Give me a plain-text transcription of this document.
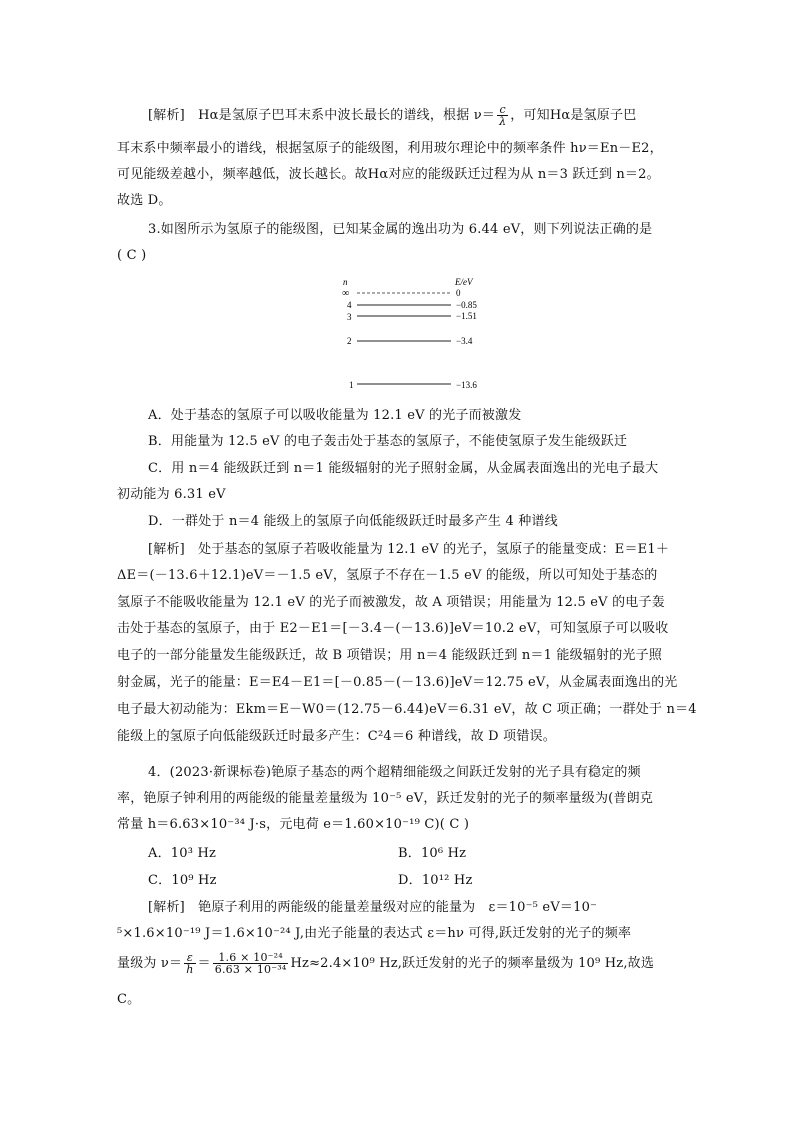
[解析]　Hα是氢原子巴耳末系中波长最长的谱线，根据 $\nu= \frac{c}{\lambda}$ ，可知Hα是氢原子巴
耳末系中频率最小的谱线，根据氢原子的能级图，利用玻尔理论中的频率条件 hν＝En－E2，
可见能级差越小，频率越低，波长越长。故Hα对应的能级跃迁过程为从 n＝3 跃迁到 n＝2。
故选 D。
3.如图所示为氢原子的能级图，已知某金属的逸出功为 6.44 eV，则下列说法正确的是
( C )
n	E/eV
∞	0
4	−0.85
3	−1.51
2	−3.4
1	−13.6
A．处于基态的氢原子可以吸收能量为 12.1 eV 的光子而被激发
B．用能量为 12.5 eV 的电子轰击处于基态的氢原子，不能使氢原子发生能级跃迁
C．用 n＝4 能级跃迁到 n＝1 能级辐射的光子照射金属，从金属表面逸出的光电子最大
初动能为 6.31 eV
D．一群处于 n＝4 能级上的氢原子向低能级跃迁时最多产生 4 种谱线
[解析]　处于基态的氢原子若吸收能量为 12.1 eV 的光子，氢原子的能量变成：E＝E1＋
ΔE＝(－13.6＋12.1)eV＝－1.5 eV，氢原子不存在－1.5 eV 的能级，所以可知处于基态的
氢原子不能吸收能量为 12.1 eV 的光子而被激发，故 A 项错误；用能量为 12.5 eV 的电子轰
击处于基态的氢原子，由于 E2－E1＝[－3.4－(－13.6)]eV＝10.2 eV，可知氢原子可以吸收
电子的一部分能量发生能级跃迁，故 B 项错误；用 n＝4 能级跃迁到 n＝1 能级辐射的光子照
射金属，光子的能量：E＝E4－E1＝[－0.85－(－13.6)]eV＝12.75 eV，从金属表面逸出的光
电子最大初动能为：Ekm＝E－W0＝(12.75－6.44)eV＝6.31 eV，故 C 项正确；一群处于 n＝4
能级上的氢原子向低能级跃迁时最多产生：C²4＝6 种谱线，故 D 项错误。
4．(2023·新课标卷)铯原子基态的两个超精细能级之间跃迁发射的光子具有稳定的频
率，铯原子钟利用的两能级的能量差量级为 10⁻⁵ eV，跃迁发射的光子的频率量级为(普朗克
常量 h＝6.63×10⁻³⁴ J·s，元电荷 e＝1.60×10⁻¹⁹ C)( C )
A．10³ Hz	B．10⁶ Hz
C．10⁹ Hz	D．10¹² Hz
[解析]　铯原子利用的两能级的能量差量级对应的能量为　ε＝10⁻⁵ eV＝10⁻
⁵×1.6×10⁻¹⁹ J＝1.6×10⁻²⁴ J,由光子能量的表达式 ε＝hν 可得,跃迁发射的光子的频率
量级为 $\nu= \frac{\varepsilon}{h} = \frac{\text{1.6 × 10⁻²⁴}}{\text{6.63 × 10⁻³⁴}} Hz\approx 2.4\times 10^9$ Hz,跃迁发射的光子的频率量级为 10⁹ Hz,故选
C。
